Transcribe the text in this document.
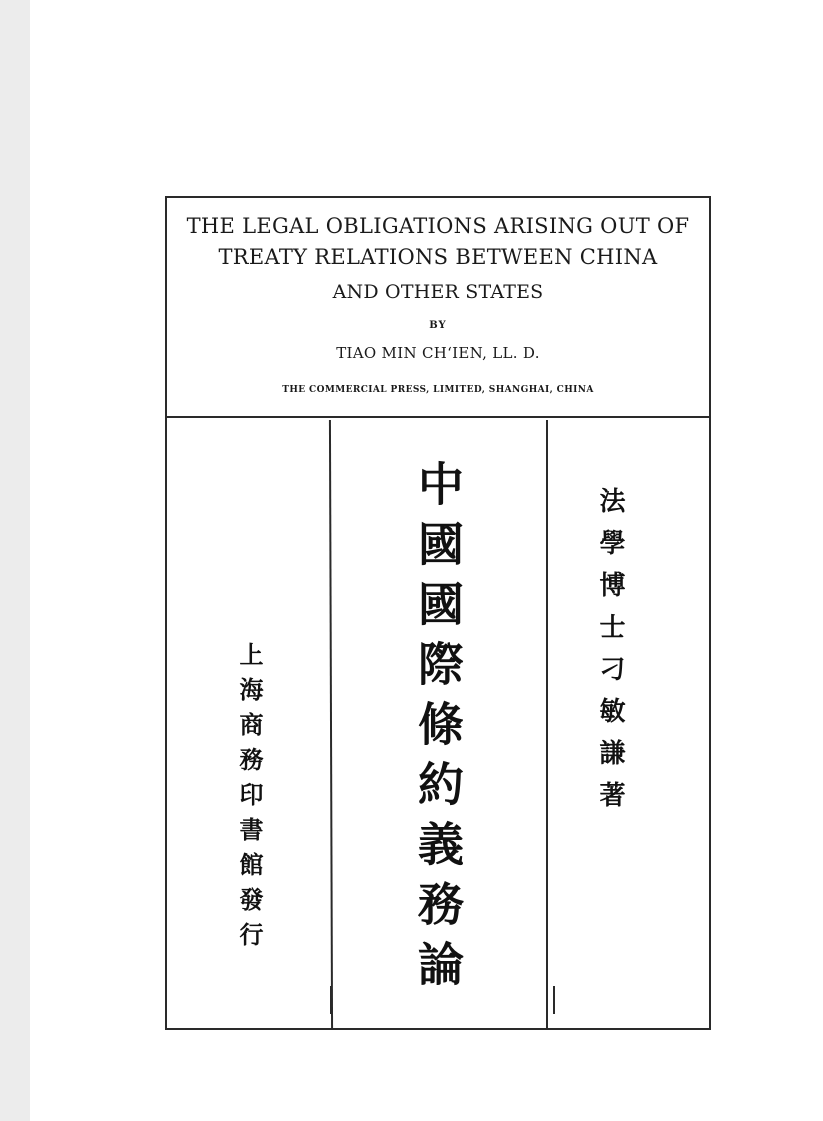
THE LEGAL OBLIGATIONS ARISING OUT OF
TREATY RELATIONS BETWEEN CHINA
AND OTHER STATES
BY
TIAO MIN CHʻIEN, LL. D.
THE COMMERCIAL PRESS, LIMITED, SHANGHAI, CHINA
上海商務印書館發行	中國國際條約義務論	法學博士刁敏謙著
